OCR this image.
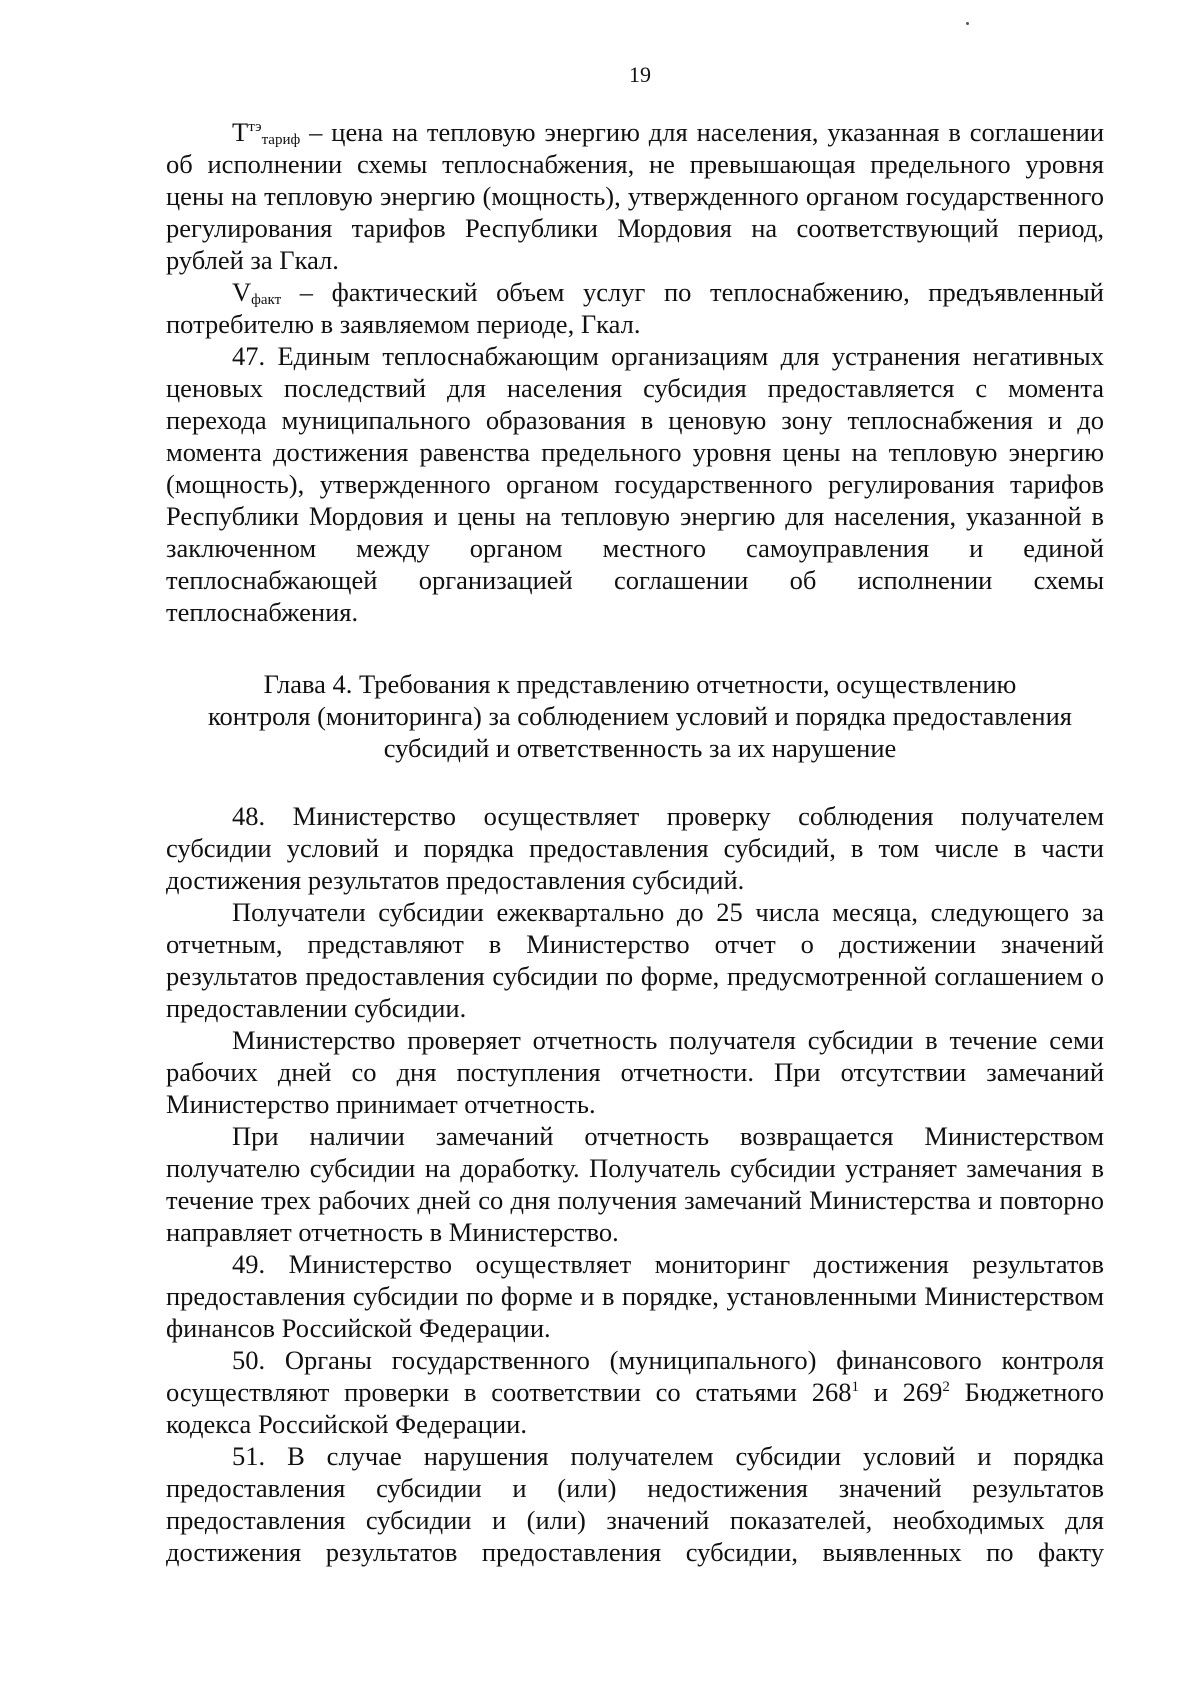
19

$Т^{тэ}_{тариф}$ – цена на тепловую энергию для населения, указанная в соглашении об исполнении схемы теплоснабжения, не превышающая предельного уровня цены на тепловую энергию (мощность), утвержденного органом государственного регулирования тарифов Республики Мордовия на соответствующий период, рублей за Гкал.

$V_{факт}$ – фактический объем услуг по теплоснабжению, предъявленный потребителю в заявляемом периоде, Гкал.

47. Единым теплоснабжающим организациям для устранения негативных ценовых последствий для населения субсидия предоставляется с момента перехода муниципального образования в ценовую зону теплоснабжения и до момента достижения равенства предельного уровня цены на тепловую энергию (мощность), утвержденного органом государственного регулирования тарифов Республики Мордовия и цены на тепловую энергию для населения, указанной в заключенном между органом местного самоуправления и единой теплоснабжающей организацией соглашении об исполнении схемы теплоснабжения.

Глава 4. Требования к представлению отчетности, осуществлению

контроля (мониторинга) за соблюдением условий и порядка предоставления

субсидий и ответственность за их нарушение

48. Министерство осуществляет проверку соблюдения получателем субсидии условий и порядка предоставления субсидий, в том числе в части достижения результатов предоставления субсидий.

Получатели субсидии ежеквартально до 25 числа месяца, следующего за отчетным, представляют в Министерство отчет о достижении значений результатов предоставления субсидии по форме, предусмотренной соглашением о предоставлении субсидии.

Министерство проверяет отчетность получателя субсидии в течение семи рабочих дней со дня поступления отчетности. При отсутствии замечаний Министерство принимает отчетность.

При наличии замечаний отчетность возвращается Министерством получателю субсидии на доработку. Получатель субсидии устраняет замечания в течение трех рабочих дней со дня получения замечаний Министерства и повторно направляет отчетность в Министерство.

49. Министерство осуществляет мониторинг достижения результатов предоставления субсидии по форме и в порядке, установленными Министерством финансов Российской Федерации.

50. Органы государственного (муниципального) финансового контроля осуществляют проверки в соответствии со статьями $268^1$ и $269^2$ Бюджетного кодекса Российской Федерации.

51. В случае нарушения получателем субсидии условий и порядка предоставления субсидии и (или) недостижения значений результатов предоставления субсидии и (или) значений показателей, необходимых для достижения результатов предоставления субсидии, выявленных по факту
